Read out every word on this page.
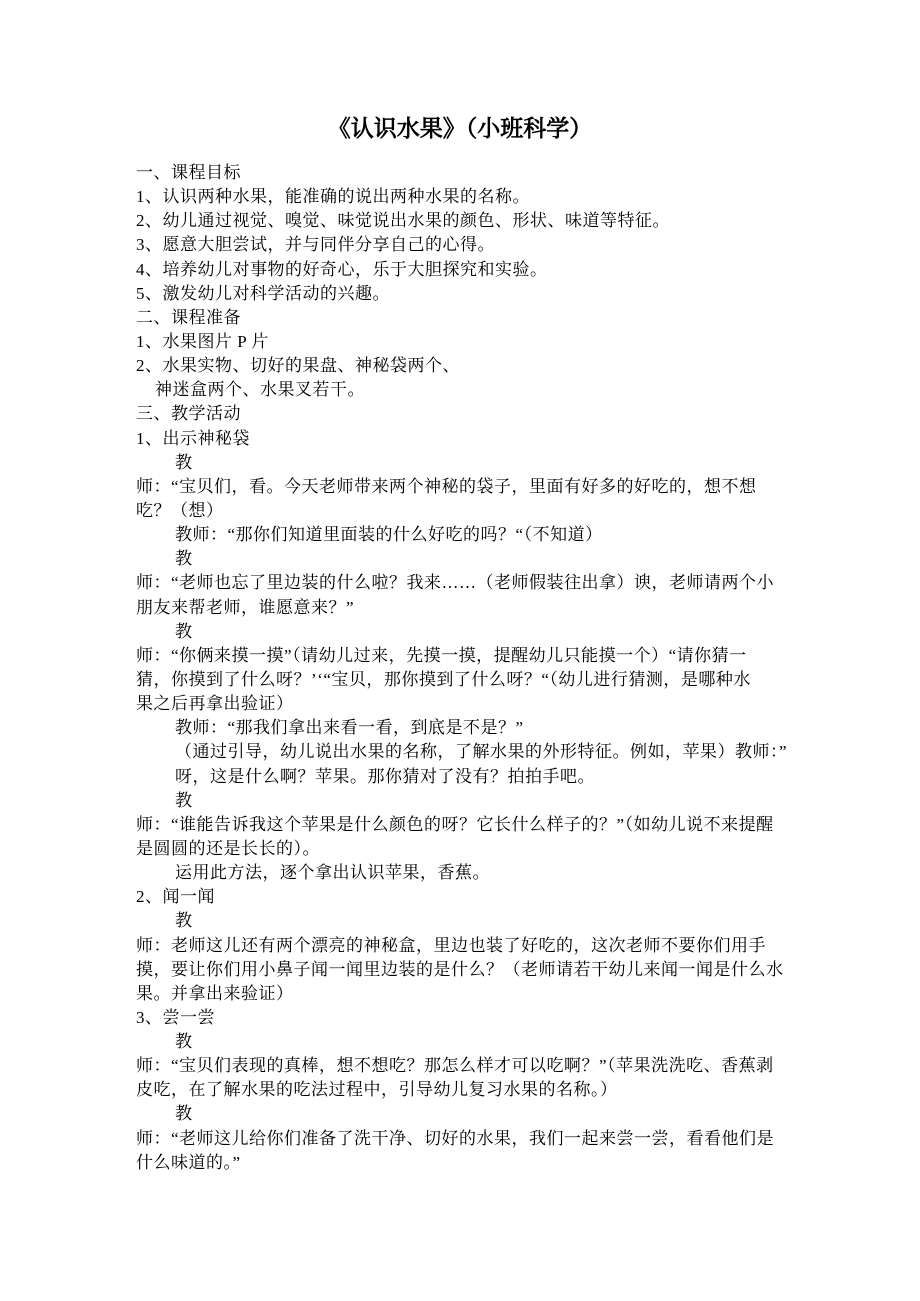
《认识水果》（小班科学）
一、课程目标
1、认识两种水果，能准确的说出两种水果的名称。
2、幼儿通过视觉、嗅觉、味觉说出水果的颜色、形状、味道等特征。
3、愿意大胆尝试，并与同伴分享自己的心得。
4、培养幼儿对事物的好奇心，乐于大胆探究和实验。
5、激发幼儿对科学活动的兴趣。
二、课程准备
1、水果图片 P 片
2、水果实物、切好的果盘、神秘袋两个、
神迷盒两个、水果叉若干。
三、教学活动
1、出示神秘袋
教
师：“宝贝们，看。今天老师带来两个神秘的袋子，里面有好多的好吃的，想不想
吃？（想）
教师：“那你们知道里面装的什么好吃的吗？“（不知道）
教
师：“老师也忘了里边装的什么啦？我来……（老师假装往出拿）谀，老师请两个小
朋友来帮老师，谁愿意来？”
教
师：“你俩来摸一摸”（请幼儿过来，先摸一摸，提醒幼儿只能摸一个）“请你猜一
猜，你摸到了什么呀？’‘“宝贝，那你摸到了什么呀？“（幼儿进行猜测，是哪种水
果之后再拿出验证）
教师：“那我们拿出来看一看，到底是不是？”
（通过引导，幼儿说出水果的名称，了解水果的外形特征。例如，苹果）教师：”
呀，这是什么啊？苹果。那你猜对了没有？拍拍手吧。
教
师：“谁能告诉我这个苹果是什么颜色的呀？它长什么样子的？”（如幼儿说不来提醒
是圆圆的还是长长的）。
运用此方法，逐个拿出认识苹果，香蕉。
2、闻一闻
教
师：老师这儿还有两个漂亮的神秘盒，里边也装了好吃的，这次老师不要你们用手
摸，要让你们用小鼻子闻一闻里边装的是什么？（老师请若干幼儿来闻一闻是什么水
果。并拿出来验证）
3、尝一尝
教
师：“宝贝们表现的真棒，想不想吃？那怎么样才可以吃啊？”（苹果洗洗吃、香蕉剥
皮吃，在了解水果的吃法过程中，引导幼儿复习水果的名称。）
教
师：“老师这儿给你们准备了洗干净、切好的水果，我们一起来尝一尝，看看他们是
什么味道的。”
